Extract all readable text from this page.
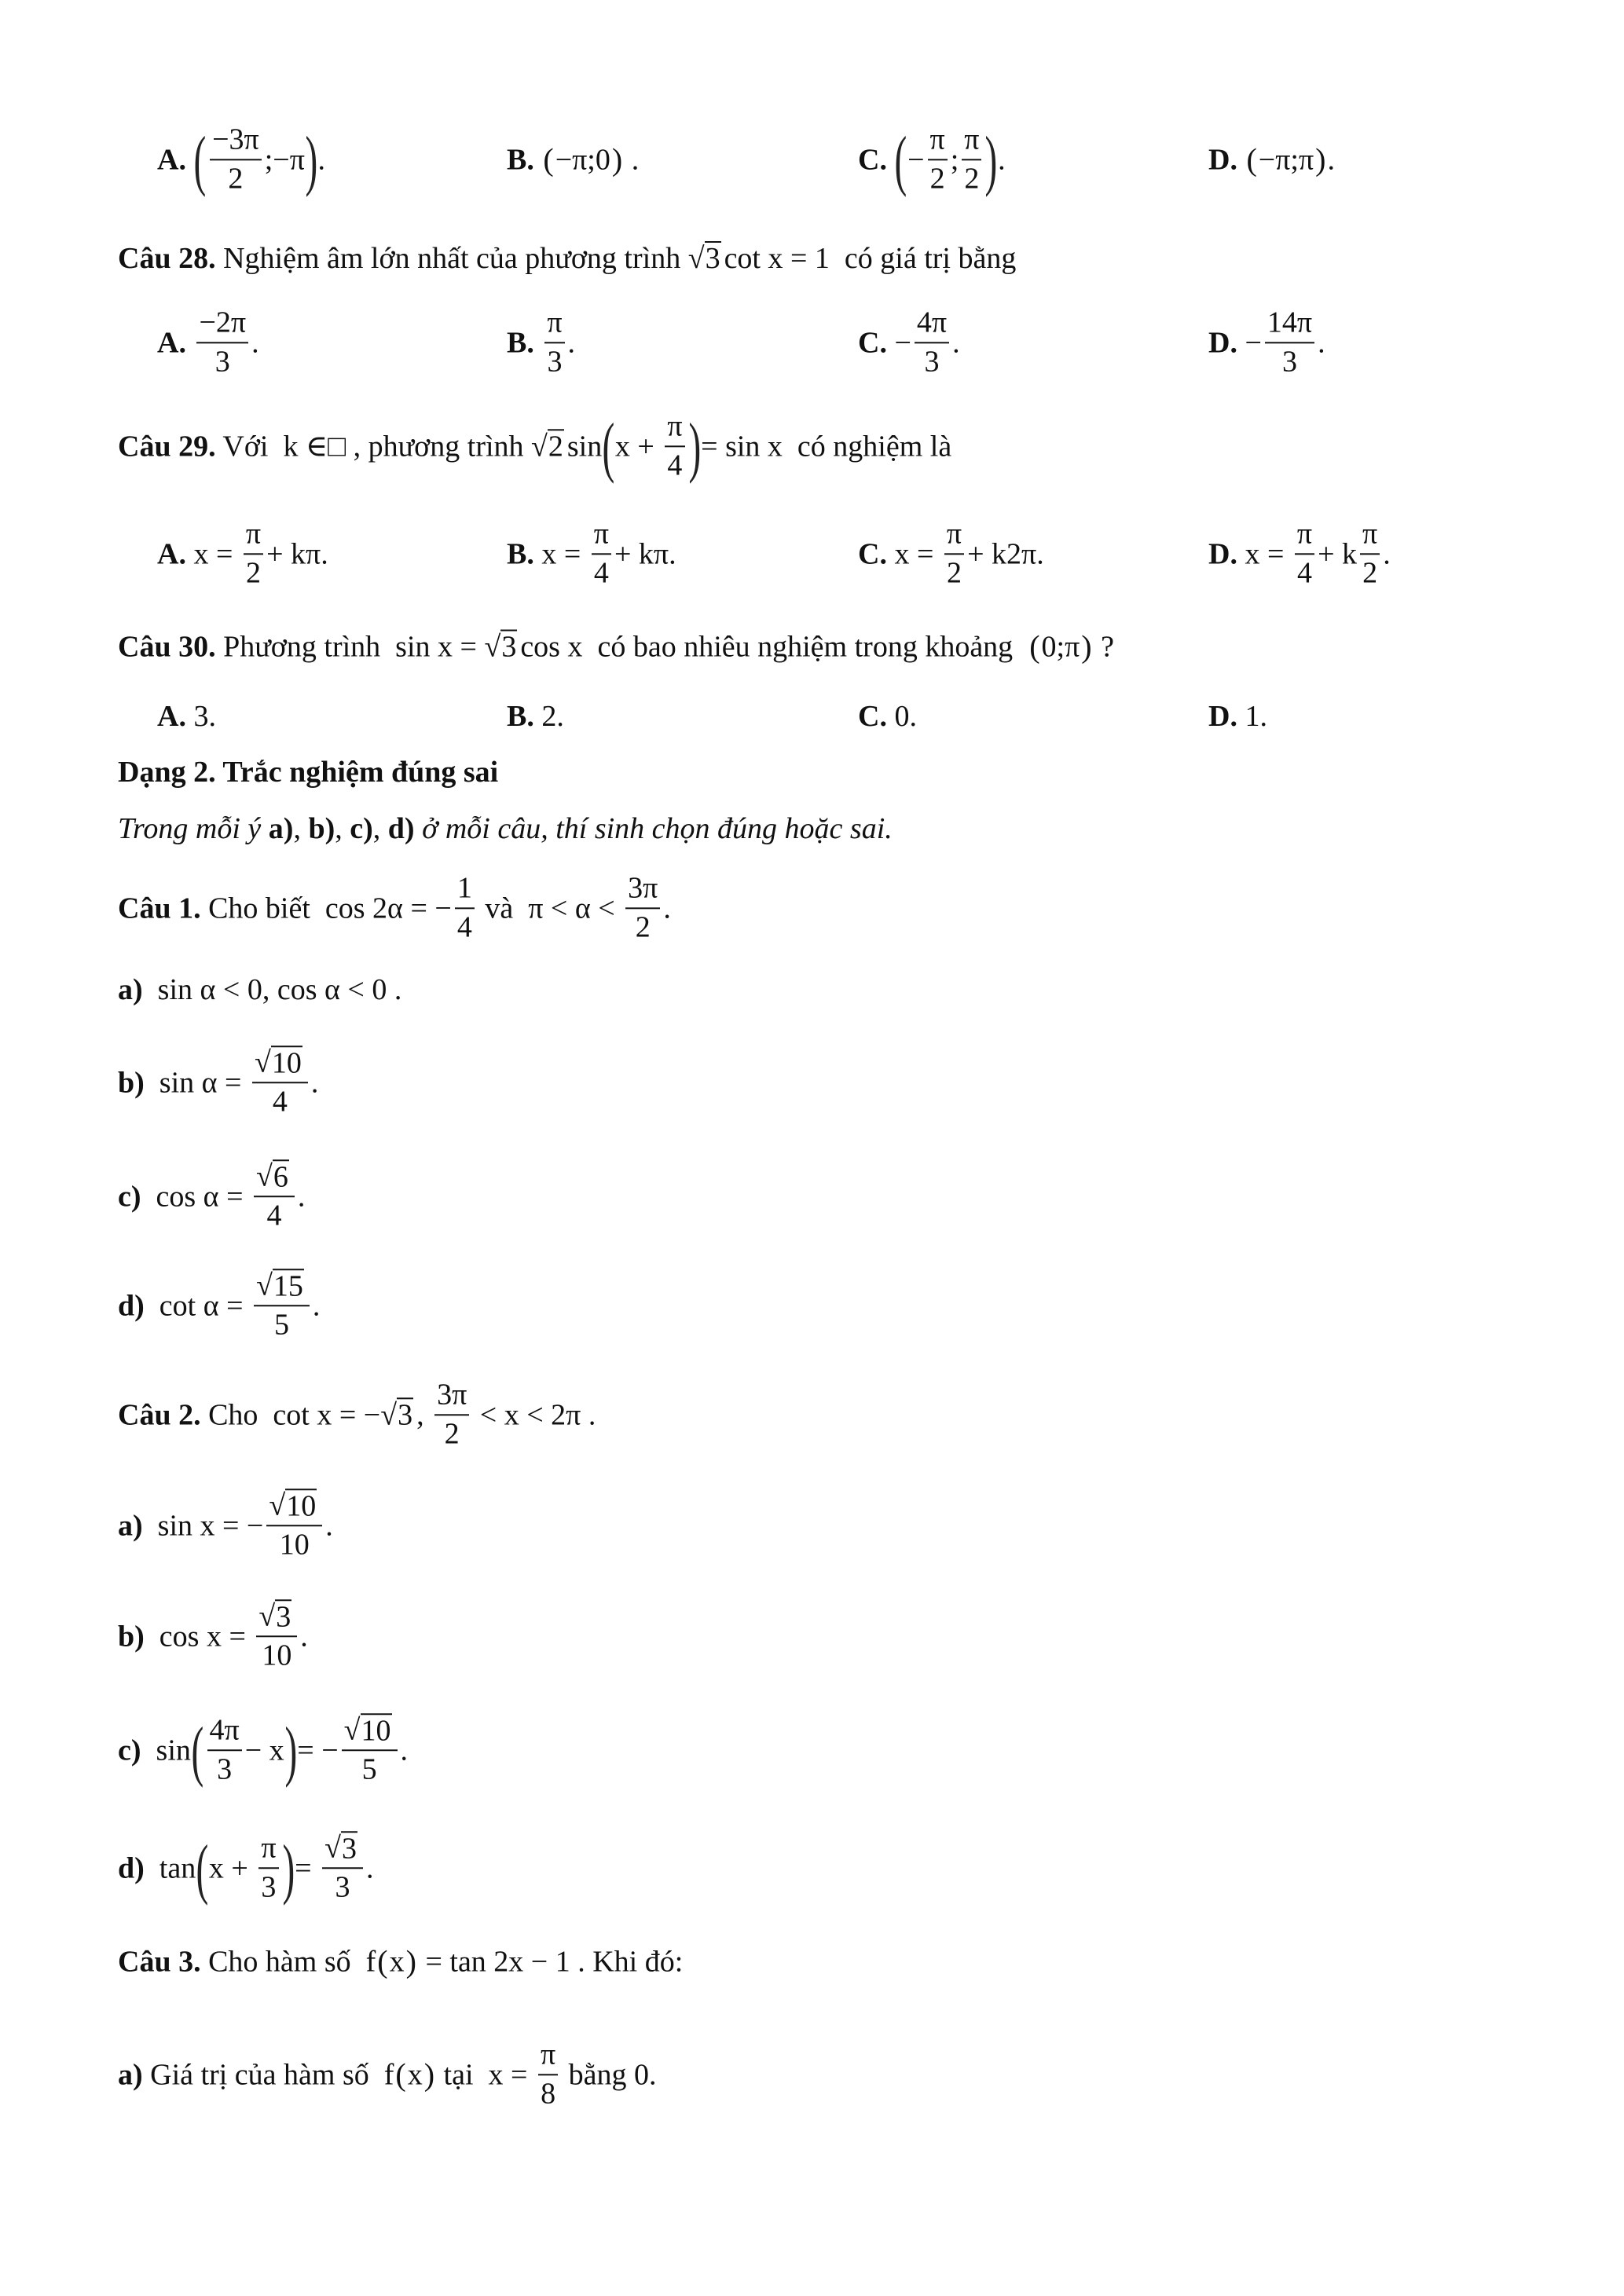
A. ( $\frac{-3\pi}{2}$ ;−π ) .	B. ( −π;0 ) .	C. ( − $\frac{\pi}{2}$ ; $\frac{\pi}{2}$ ) .	D. ( −π;π ) .
Câu 28. Nghiệm âm lớn nhất của phương trình √ 3 cot x = 1  có giá trị bằng
A. $\frac{-2\pi}{3}$ .	B. $\frac{\pi}{3}$ .	C. − $\frac{4\pi}{3}$ .	D. − $\frac{14\pi}{3}$ .
Câu 29. Với  k ∈□ , phương trình √ 2 sin ( $x + \frac{\pi}{4}$ ) = sin x  có nghiệm là
A. $x = \frac{\pi}{2} + k\pi$.	B. $x = \frac{\pi}{4} + k\pi$.	C. $x = \frac{\pi}{2} + k2\pi$.	D. $x = \frac{\pi}{4} + k \frac{\pi}{2}$ .
Câu 30. Phương trình  sin x = √ 3 cos x  có bao nhiêu nghiệm trong khoảng ( 0;π ) ?
A. 3.	B. 2.	C. 0.	D. 1.
Dạng 2. Trắc nghiệm đúng sai
Trong mỗi ý a) , b) , c) , d) ở mỗi câu, thí sinh chọn đúng hoặc sai.
Câu 1. Cho biết  cos 2α = − $\frac{1}{4}$ và  $\pi < \alpha < \frac{3\pi}{2}$ .
a) sin α < 0, cos α < 0 .
b) $\sin \alpha = \frac{√ 10}{4}$ .
c) $\cos \alpha = \frac{√ 6}{4}$ .
d) $\cot \alpha = \frac{√ 15}{5}$ .
Câu 2. Cho  cot x = − √ 3 , $\frac{3\pi}{2} < x < 2\pi$ .
a) sin x = − $\frac{√ 10}{10}$ .
b) $\cos x = \frac{√ 3}{10}$ .
c) sin ( $\frac{4\pi}{3} - x$ ) = − $\frac{√ 10}{5}$ .
d) tan ( $x + \frac{\pi}{3}$ ) = $\frac{√ 3}{3}$ .
Câu 3. Cho hàm số  f ( x ) = tan 2x − 1 . Khi đó:
a) Giá trị của hàm số  f ( x ) tại  $x = \frac{\pi}{8}$ bằng 0.
